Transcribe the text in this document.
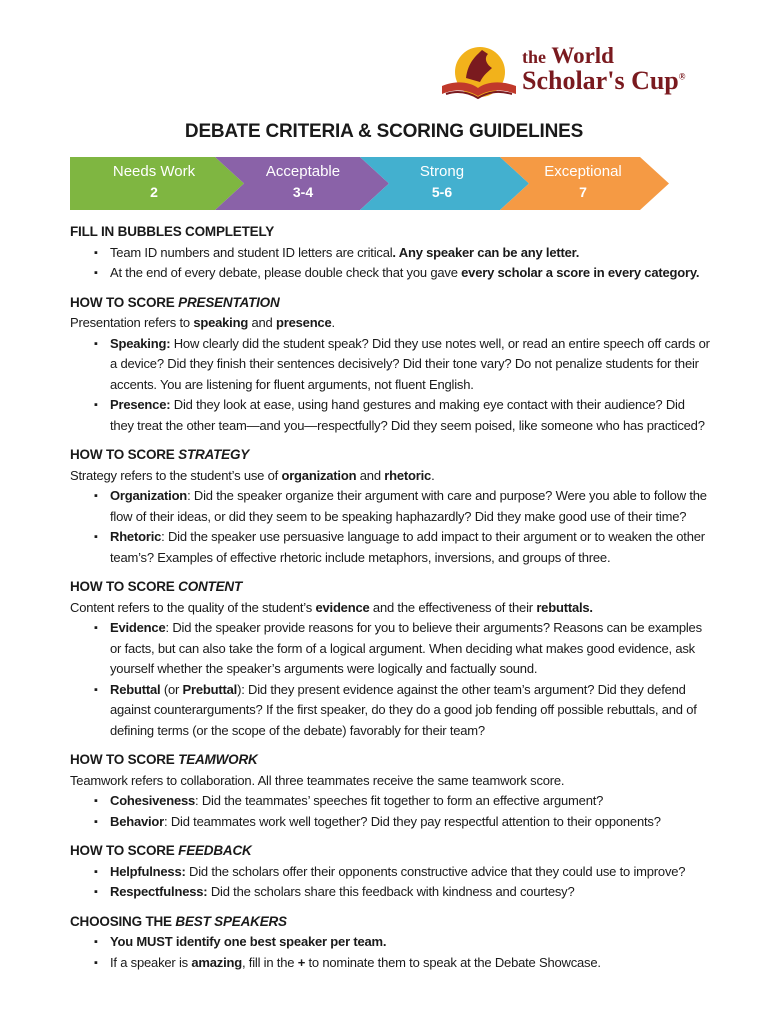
the World
Scholar's Cup®
DEBATE CRITERIA & SCORING GUIDELINES
Needs Work
2
Acceptable
3-4
Strong
5-6
Exceptional
7
FILL IN BUBBLES COMPLETELY
▪ Team ID numbers and student ID letters are critical. Any speaker can be any letter.
▪ At the end of every debate, please double check that you gave every scholar a score in every category.
HOW TO SCORE PRESENTATION
Presentation refers to speaking and presence.
▪ Speaking: How clearly did the student speak? Did they use notes well, or read an entire speech off cards or a device? Did they finish their sentences decisively? Did their tone vary? Do not penalize students for their accents. You are listening for fluent arguments, not fluent English.
▪ Presence: Did they look at ease, using hand gestures and making eye contact with their audience? Did they treat the other team—and you—respectfully? Did they seem poised, like someone who has practiced?
HOW TO SCORE STRATEGY
Strategy refers to the student’s use of organization and rhetoric.
▪ Organization: Did the speaker organize their argument with care and purpose? Were you able to follow the flow of their ideas, or did they seem to be speaking haphazardly? Did they make good use of their time?
▪ Rhetoric: Did the speaker use persuasive language to add impact to their argument or to weaken the other team’s? Examples of effective rhetoric include metaphors, inversions, and groups of three.
HOW TO SCORE CONTENT
Content refers to the quality of the student’s evidence and the effectiveness of their rebuttals.
▪ Evidence: Did the speaker provide reasons for you to believe their arguments? Reasons can be examples or facts, but can also take the form of a logical argument. When deciding what makes good evidence, ask yourself whether the speaker’s arguments were logically and factually sound.
▪ Rebuttal (or Prebuttal): Did they present evidence against the other team’s argument? Did they defend against counterarguments? If the first speaker, do they do a good job fending off possible rebuttals, and of defining terms (or the scope of the debate) favorably for their team?
HOW TO SCORE TEAMWORK
Teamwork refers to collaboration. All three teammates receive the same teamwork score.
▪ Cohesiveness: Did the teammates’ speeches fit together to form an effective argument?
▪ Behavior: Did teammates work well together? Did they pay respectful attention to their opponents?
HOW TO SCORE FEEDBACK
▪ Helpfulness: Did the scholars offer their opponents constructive advice that they could use to improve?
▪ Respectfulness: Did the scholars share this feedback with kindness and courtesy?
CHOOSING THE BEST SPEAKERS
▪ You MUST identify one best speaker per team.
▪ If a speaker is amazing, fill in the + to nominate them to speak at the Debate Showcase.
